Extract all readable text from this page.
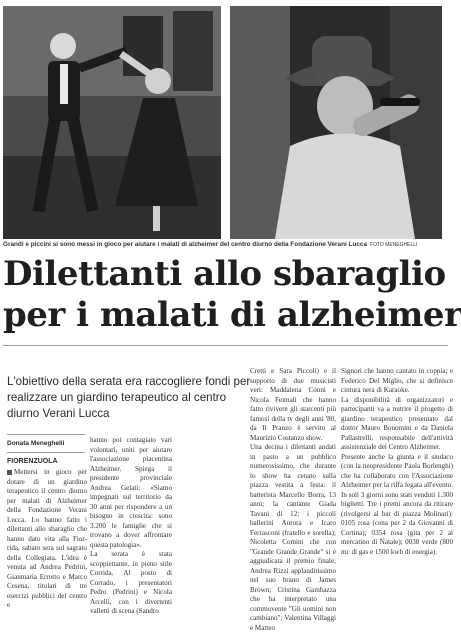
Grandi e piccini si sono messi in gioco per aiutare i malati di alzheimer del centro diurno della Fondazione Verani Lucca FOTO MENEGHELLI
Dilettanti allo sbaraglio
per i malati di alzheimer
L'obiettivo della serata era raccogliere fondi per realizzare un giardino terapeutico al centro diurno Verani Lucca
Donata Meneghelli
FIORENZUOLA
Mettersi in gioco per dotare di un giardino terapeutico il centro diurno per malati di Alzheimer della Fondazione Verani Lucca. Lo hanno fatto i dilettanti allo sbaraglio che hanno dato vita alla Fior-rida, sabato sera sul sagrato della Collegiata. L'idea è venuta ad Andrea Pedrini, Gianmaria Errotto e Marco Cesena, titolari di tre esercizi pubblici del centro e
hanno poi contagiato vari volontari, uniti per aiutare l'associazione piacentina Alzheimer. Spiega il presidente provinciale Andrea Gelati: «Siamo impegnati sul territorio da 30 anni per rispondere a un bisogno in crescita: sono 3.200 le famiglie che si trovano a dover affrontare questa patologia».
La serata è stata scoppiettante, in pieno stile Corrida. Al posto di Corrado, i presentatori Pedro (Pedrini) e Nicola Arcelli, con i divertenti valletti di scena (Sandro
Cretti e Sara Piccoli) e il supporto di due musicisti veri: Maddalena Conni e Nicola Feimali che hanno fatto rivivere gli starcenti più famosi della tv degli anni '80, da Il Pranzo è servito al Maurizio Costanzo show.
Una decina i dilettanti andati in pasto a un pubblico numerosissimo, che durante lo show ha cenato sulla piazza vestita a festa: il batterista Marcello Borra, 13 anni; la cantante Giada Tavani di 12; i piccoli ballerini Aurora e Icaro Ferrasconi (fratello e sorella); Nicoletta Comini che con "Grande Grande Grande" si è aggiudicata il premio finale; Andrea Rizzi applauditissimo nel suo brano di James Brown; Cristina Gambazza che ha interpretato una commovente "Gli uomini non cambiano"; Valentina Villaggi e Matteo
Signori che hanno cantato in coppia; e Federico Del Miglio, che si definisce cintura nera di Karaoke.
La disponibilità di organizzatori e partecipanti va a nutrire il progetto di giardino terapeutico presentato dal dottor Mauro Bonomini e da Daniela Pallastrelli, responsabile dell'attività assistenziale del Centro Alzheimer.
Presente anche la giunta e il sindaco (con la neopresidente Paola Borlenghi) che ha collaborato con l'Associazione Alzheimer per la riffa legata all'evento. In soli 3 giorni sono stati venduti 1.300 biglietti. Tre i premi ancora da ritirare (rivolgersi al bar di piazza Molinari): 0105 rosa (cena per 2 da Giovanni di Cortina); 0354 rosa (gita per 2 al mercatino di Natale); 0038 verde (800 mc di gas e 1500 kwh di energia).
